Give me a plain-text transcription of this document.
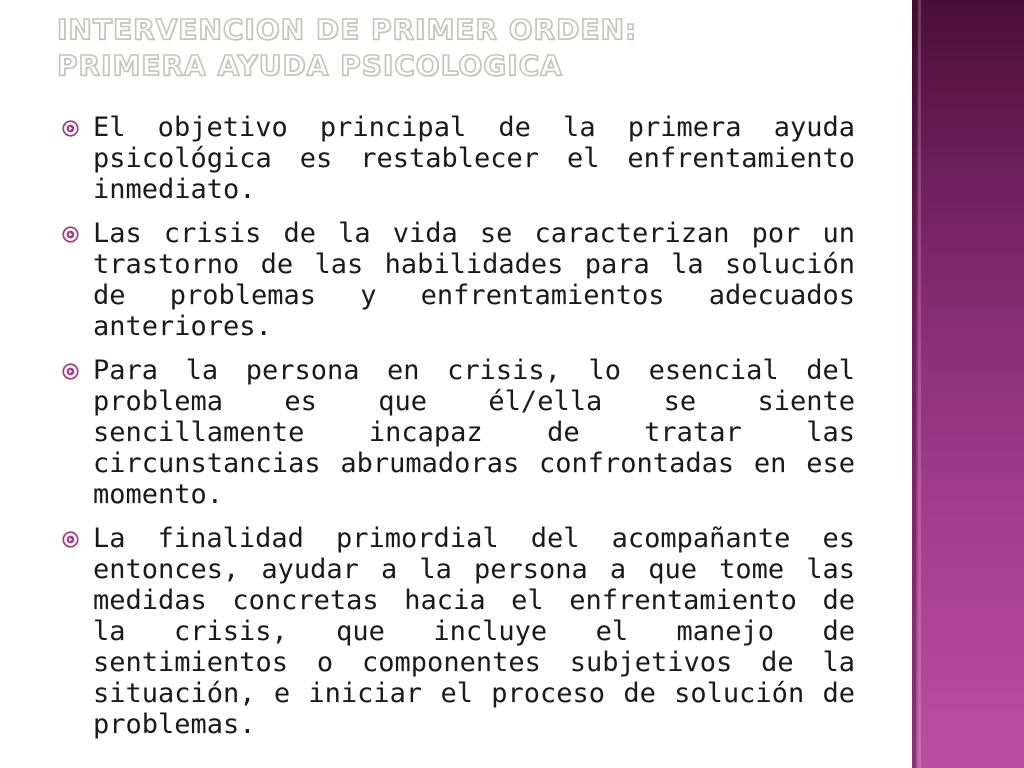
INTERVENCION DE PRIMER ORDEN:
PRIMERA AYUDA PSICOLOGICA
El objetivo principal de la primera ayuda psicológica es restablecer el enfrentamiento inmediato.
Las crisis de la vida se caracterizan por un trastorno de las habilidades para la solución de problemas y enfrentamientos adecuados anteriores.
Para la persona en crisis, lo esencial del problema es que él/ella se siente sencillamente incapaz de tratar las circunstancias abrumadoras confrontadas en ese momento.
La finalidad primordial del acompañante es entonces, ayudar a la persona a que tome las medidas concretas hacia el enfrentamiento de la crisis, que incluye el manejo de sentimientos o componentes subjetivos de la situación, e iniciar el proceso de solución de problemas.
